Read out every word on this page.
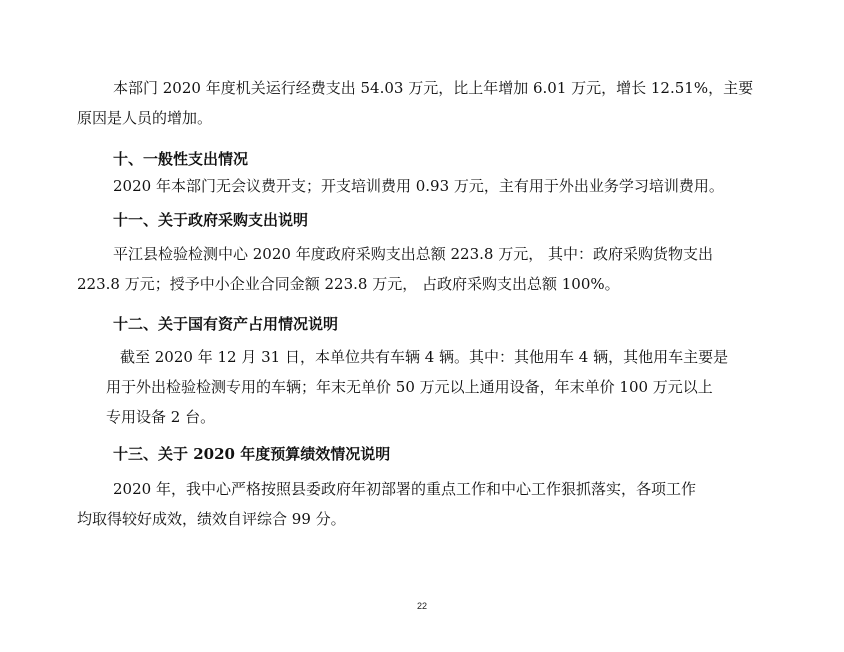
本部门 2020 年度机关运行经费支出 54.03 万元，比上年增加 6.01 万元，增长 12.51%，主要

原因是人员的增加。

十、一般性支出情况

2020 年本部门无会议费开支；开支培训费用 0.93 万元，主有用于外出业务学习培训费用。

十一、关于政府采购支出说明

平江县检验检测中心 2020 年度政府采购支出总额 223.8 万元， 其中：政府采购货物支出

223.8 万元；授予中小企业合同金额 223.8 万元， 占政府采购支出总额 100%。

十二、关于国有资产占用情况说明

截至 2020 年 12 月 31 日，本单位共有车辆 4 辆。其中：其他用车 4 辆，其他用车主要是

用于外出检验检测专用的车辆；年末无单价 50 万元以上通用设备，年末单价 100 万元以上

专用设备 2 台。

十三、关于 2020 年度预算绩效情况说明

2020 年，我中心严格按照县委政府年初部署的重点工作和中心工作狠抓落实，各项工作

均取得较好成效，绩效自评综合 99 分。

22
